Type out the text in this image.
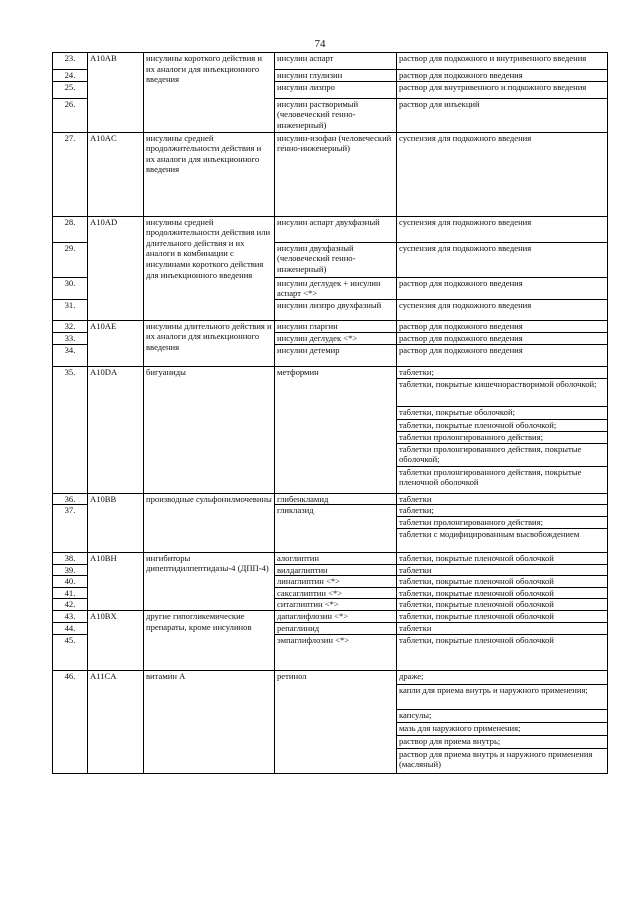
74
23.	A10AB	инсулины короткого действия и их аналоги для инъекционного введения	инсулин аспарт	раствор для подкожного и внутривенного введения
24.			инсулин глулизин	раствор для подкожного введения
25.			инсулин лизпро	раствор для внутривенного и подкожного введения
26.			инсулин растворимый (человеческий генно-инженерный)	раствор для инъекций
27.	A10AC	инсулины средней продолжительности действия и их аналоги для инъекционного введения	инсулин-изофан (человеческий генно-инженерный)	суспензия для подкожного введения
28.	A10AD	инсулины средней продолжительности действия или длительного действия и их аналоги в комбинации с инсулинами короткого действия для инъекционного введения	инсулин аспарт двухфазный	суспензия для подкожного введения
29.			инсулин двухфазный (человеческий генно-инженерный)	суспензия для подкожного введения
30.			инсулин деглудек + инсулин аспарт <*>	раствор для подкожного введения
31.			инсулин лизпро двухфазный	суспензия для подкожного введения
32.	A10AE	инсулины длительного действия и их аналоги для инъекционного введения	инсулин гларгин	раствор для подкожного введения
33.			инсулин деглудек <*>	раствор для подкожного введения
34.			инсулин детемир	раствор для подкожного введения
35.	A10DA	бигуаниды	метформин	таблетки;
				таблетки, покрытые кишечнорастворимой оболочкой;
				таблетки, покрытые оболочкой;
				таблетки, покрытые пленочной оболочкой;
				таблетки пролонгированного действия;
				таблетки пролонгированного действия, покрытые оболочкой;
				таблетки пролонгированного действия, покрытые пленочной оболочкой
36.	A10BB	производные сульфонилмочевины	глибенкламид	таблетки
37.			гликлазид	таблетки;
				таблетки пролонгированного действия;
				таблетки с модифицированным высвобождением
38.	A10BH	ингибиторы дипептидилпептидазы-4 (ДПП-4)	алоглиптин	таблетки, покрытые пленочной оболочкой
39.			вилдаглиптин	таблетки
40.			линаглиптин <*>	таблетки, покрытые пленочной оболочкой
41.			саксаглиптин <*>	таблетки, покрытые пленочной оболочкой
42.			ситаглиптин <*>	таблетки, покрытые пленочной оболочкой
43.	A10BX	другие гипогликемические препараты, кроме инсулинов	дапаглифлозин <*>	таблетки, покрытые пленочной оболочкой
44.			репаглинид	таблетки
45.			эмпаглифлозин <*>	таблетки, покрытые пленочной оболочкой
46.	A11CA	витамин А	ретинол	драже;
				капли для приема внутрь и наружного применения;
				капсулы;
				мазь для наружного применения;
				раствор для приема внутрь;
				раствор для приема внутрь и наружного применения (масляный)
